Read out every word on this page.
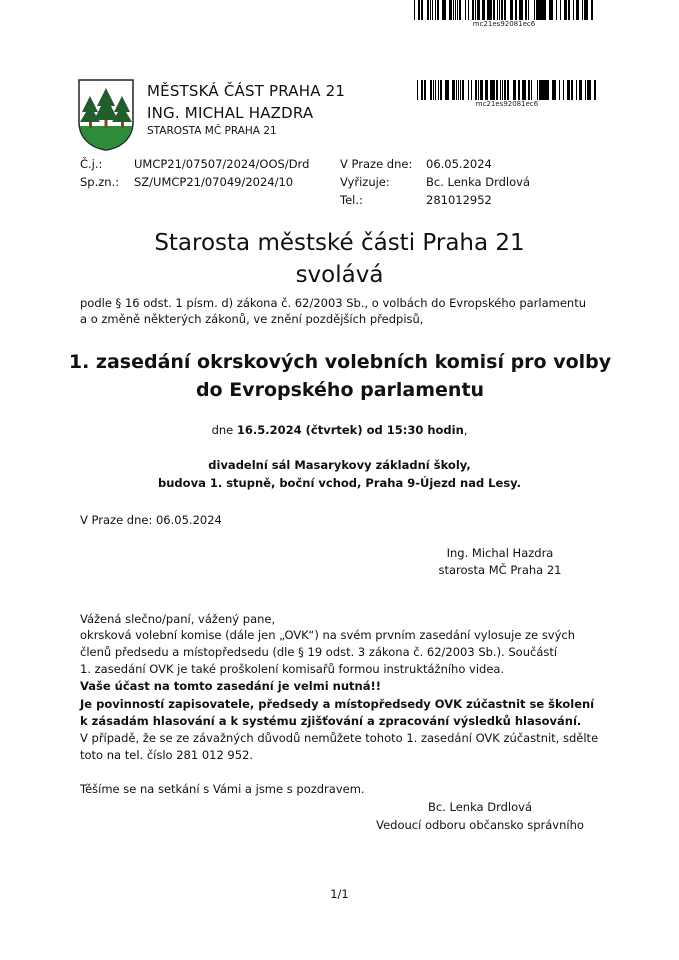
mc21es92081ec6
MĚSTSKÁ ČÁST PRAHA 21
ING. MICHAL HAZDRA
STAROSTA MČ PRAHA 21
mc21es92081ec6
Č.j.:	UMCP21/07507/2024/OOS/Drd
Sp.zn.: SZ/UMCP21/07049/2024/10
V Praze dne: 06.05.2024
Vyřizuje:	Bc. Lenka Drdlová
Tel.:	281012952
Starosta městské části Praha 21
svolává
podle § 16 odst. 1 písm. d) zákona č. 62/2003 Sb., o volbách do Evropského parlamentu
a o změně některých zákonů, ve znění pozdějších předpisů,
1. zasedání okrskových volebních komisí pro volby
do Evropského parlamentu
dne 16.5.2024 (čtvrtek) od 15:30 hodin,
divadelní sál Masarykovy základní školy,
budova 1. stupně, boční vchod, Praha 9-Újezd nad Lesy.
V Praze dne: 06.05.2024
Ing. Michal Hazdra
starosta MČ Praha 21
Vážená slečno/paní, vážený pane,
okrsková volební komise (dále jen „OVK“) na svém prvním zasedání vylosuje ze svých
členů předsedu a místopředsedu (dle § 19 odst. 3 zákona č. 62/2003 Sb.). Součástí
1. zasedání OVK je také proškolení komisařů formou instruktážního videa.
Vaše účast na tomto zasedání je velmi nutná!!
Je povinností zapisovatele, předsedy a místopředsedy OVK zúčastnit se školení
k zásadám hlasování a k systému zjišťování a zpracování výsledků hlasování.
V případě, že se ze závažných důvodů nemůžete tohoto 1. zasedání OVK zúčastnit, sdělte
toto na tel. číslo 281 012 952.
Těšíme se na setkání s Vámi a jsme s pozdravem.
Bc. Lenka Drdlová
Vedoucí odboru občansko správního
1/1
